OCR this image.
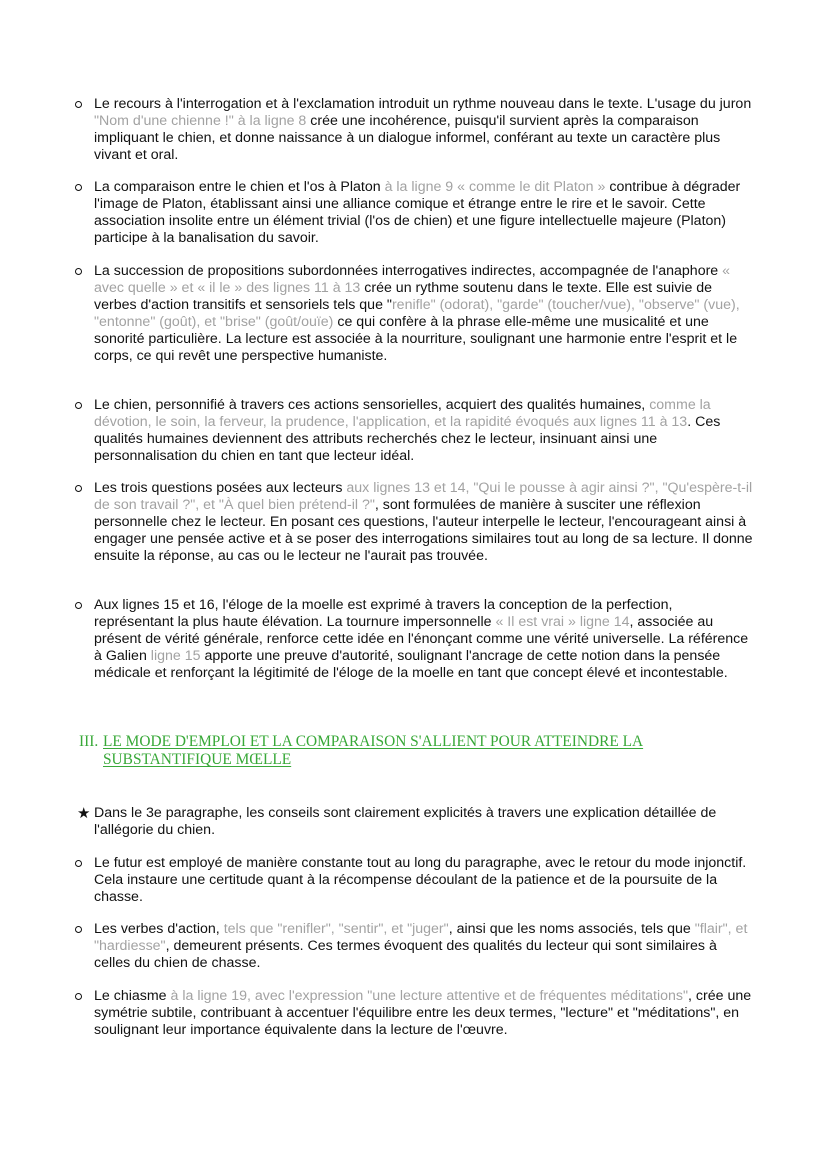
Le recours à l'interrogation et à l'exclamation introduit un rythme nouveau dans le texte. L'usage du juron "Nom d'une chienne !" à la ligne 8 crée une incohérence, puisqu'il survient après la comparaison impliquant le chien, et donne naissance à un dialogue informel, conférant au texte un caractère plus vivant et oral.
La comparaison entre le chien et l'os à Platon à la ligne 9 « comme le dit Platon » contribue à dégrader l'image de Platon, établissant ainsi une alliance comique et étrange entre le rire et le savoir. Cette association insolite entre un élément trivial (l'os de chien) et une figure intellectuelle majeure (Platon) participe à la banalisation du savoir.
La succession de propositions subordonnées interrogatives indirectes, accompagnée de l'anaphore « avec quelle » et « il le » des lignes 11 à 13 crée un rythme soutenu dans le texte. Elle est suivie de verbes d'action transitifs et sensoriels tels que "renifle" (odorat), "garde" (toucher/vue), "observe" (vue), "entonne" (goût), et "brise" (goût/ouïe) ce qui confère à la phrase elle-même une musicalité et une sonorité particulière. La lecture est associée à la nourriture, soulignant une harmonie entre l'esprit et le corps, ce qui revêt une perspective humaniste.
Le chien, personnifié à travers ces actions sensorielles, acquiert des qualités humaines, comme la dévotion, le soin, la ferveur, la prudence, l'application, et la rapidité évoqués aux lignes 11 à 13. Ces qualités humaines deviennent des attributs recherchés chez le lecteur, insinuant ainsi une personnalisation du chien en tant que lecteur idéal.
Les trois questions posées aux lecteurs aux lignes 13 et 14, "Qui le pousse à agir ainsi ?", "Qu'espère-t-il de son travail ?", et "À quel bien prétend-il ?", sont formulées de manière à susciter une réflexion personnelle chez le lecteur. En posant ces questions, l'auteur interpelle le lecteur, l'encourageant ainsi à engager une pensée active et à se poser des interrogations similaires tout au long de sa lecture. Il donne ensuite la réponse, au cas ou le lecteur ne l'aurait pas trouvée.
Aux lignes 15 et 16, l'éloge de la moelle est exprimé à travers la conception de la perfection, représentant la plus haute élévation. La tournure impersonnelle « Il est vrai » ligne 14, associée au présent de vérité générale, renforce cette idée en l'énonçant comme une vérité universelle. La référence à Galien ligne 15 apporte une preuve d'autorité, soulignant l'ancrage de cette notion dans la pensée médicale et renforçant la légitimité de l'éloge de la moelle en tant que concept élevé et incontestable.
III. LE MODE D'EMPLOI ET LA COMPARAISON S'ALLIENT POUR ATTEINDRE LA SUBSTANTIFIQUE MŒLLE
★ Dans le 3e paragraphe, les conseils sont clairement explicités à travers une explication détaillée de l'allégorie du chien.
Le futur est employé de manière constante tout au long du paragraphe, avec le retour du mode injonctif. Cela instaure une certitude quant à la récompense découlant de la patience et de la poursuite de la chasse.
Les verbes d'action, tels que "renifler", "sentir", et "juger", ainsi que les noms associés, tels que "flair", et "hardiesse", demeurent présents. Ces termes évoquent des qualités du lecteur qui sont similaires à celles du chien de chasse.
Le chiasme à la ligne 19, avec l'expression "une lecture attentive et de fréquentes méditations", crée une symétrie subtile, contribuant à accentuer l'équilibre entre les deux termes, "lecture" et "méditations", en soulignant leur importance équivalente dans la lecture de l'œuvre.
